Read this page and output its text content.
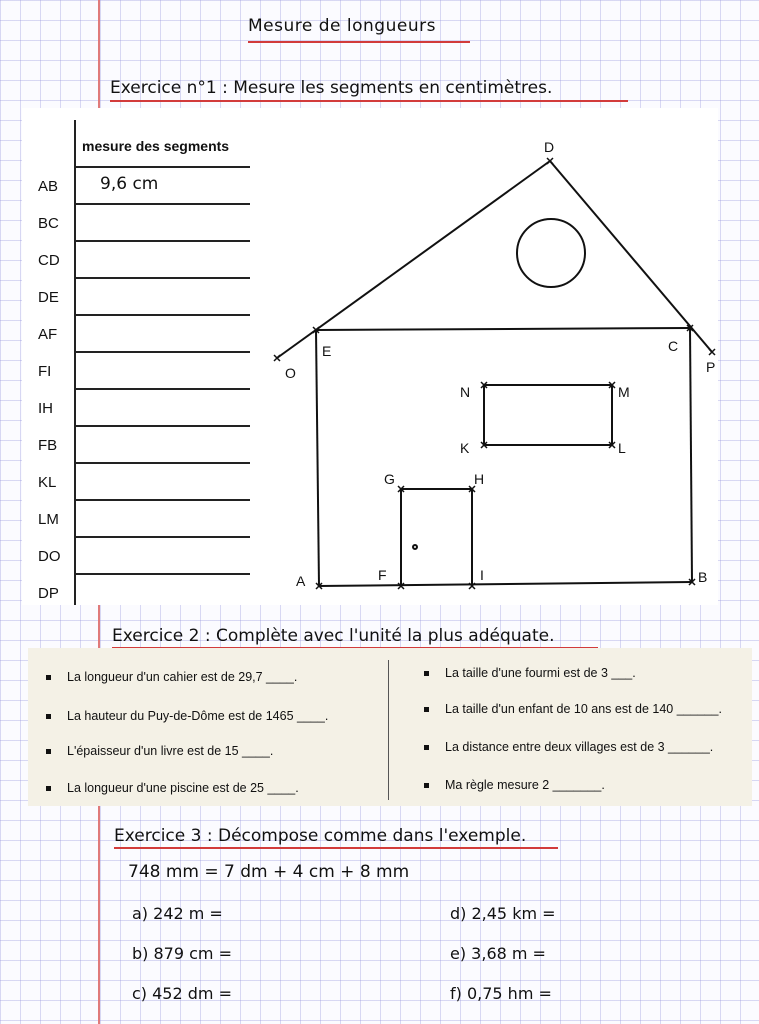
Mesure de longueurs
Exercice n°1 : Mesure les segments en centimètres.
mesure des segments
AB 9,6 cm
BC
CD
DE
AF
FI
IH
FB
KL
LM
DO
DP
D
O	P
E	C
A	B
F	I
G	H
N	M
L
K
Exercice 2 : Complète avec l'unité la plus adéquate.
La longueur d'un cahier est de 29,7 ____.
La hauteur du Puy-de-Dôme est de 1465 ____.
L'épaisseur d'un livre est de 15 ____.
La longueur d'une piscine est de 25 ____.
La taille d'une fourmi est de 3 ___.
La taille d'un enfant de 10 ans est de 140 ______.
La distance entre deux villages est de 3 ______.
Ma règle mesure 2 _______.
Exercice 3 : Décompose comme dans l'exemple.
748 mm = 7 dm + 4 cm + 8 mm
a) 242 m =
b) 879 cm =
c) 452 dm =
d) 2,45 km =
e) 3,68 m =
f) 0,75 hm =
